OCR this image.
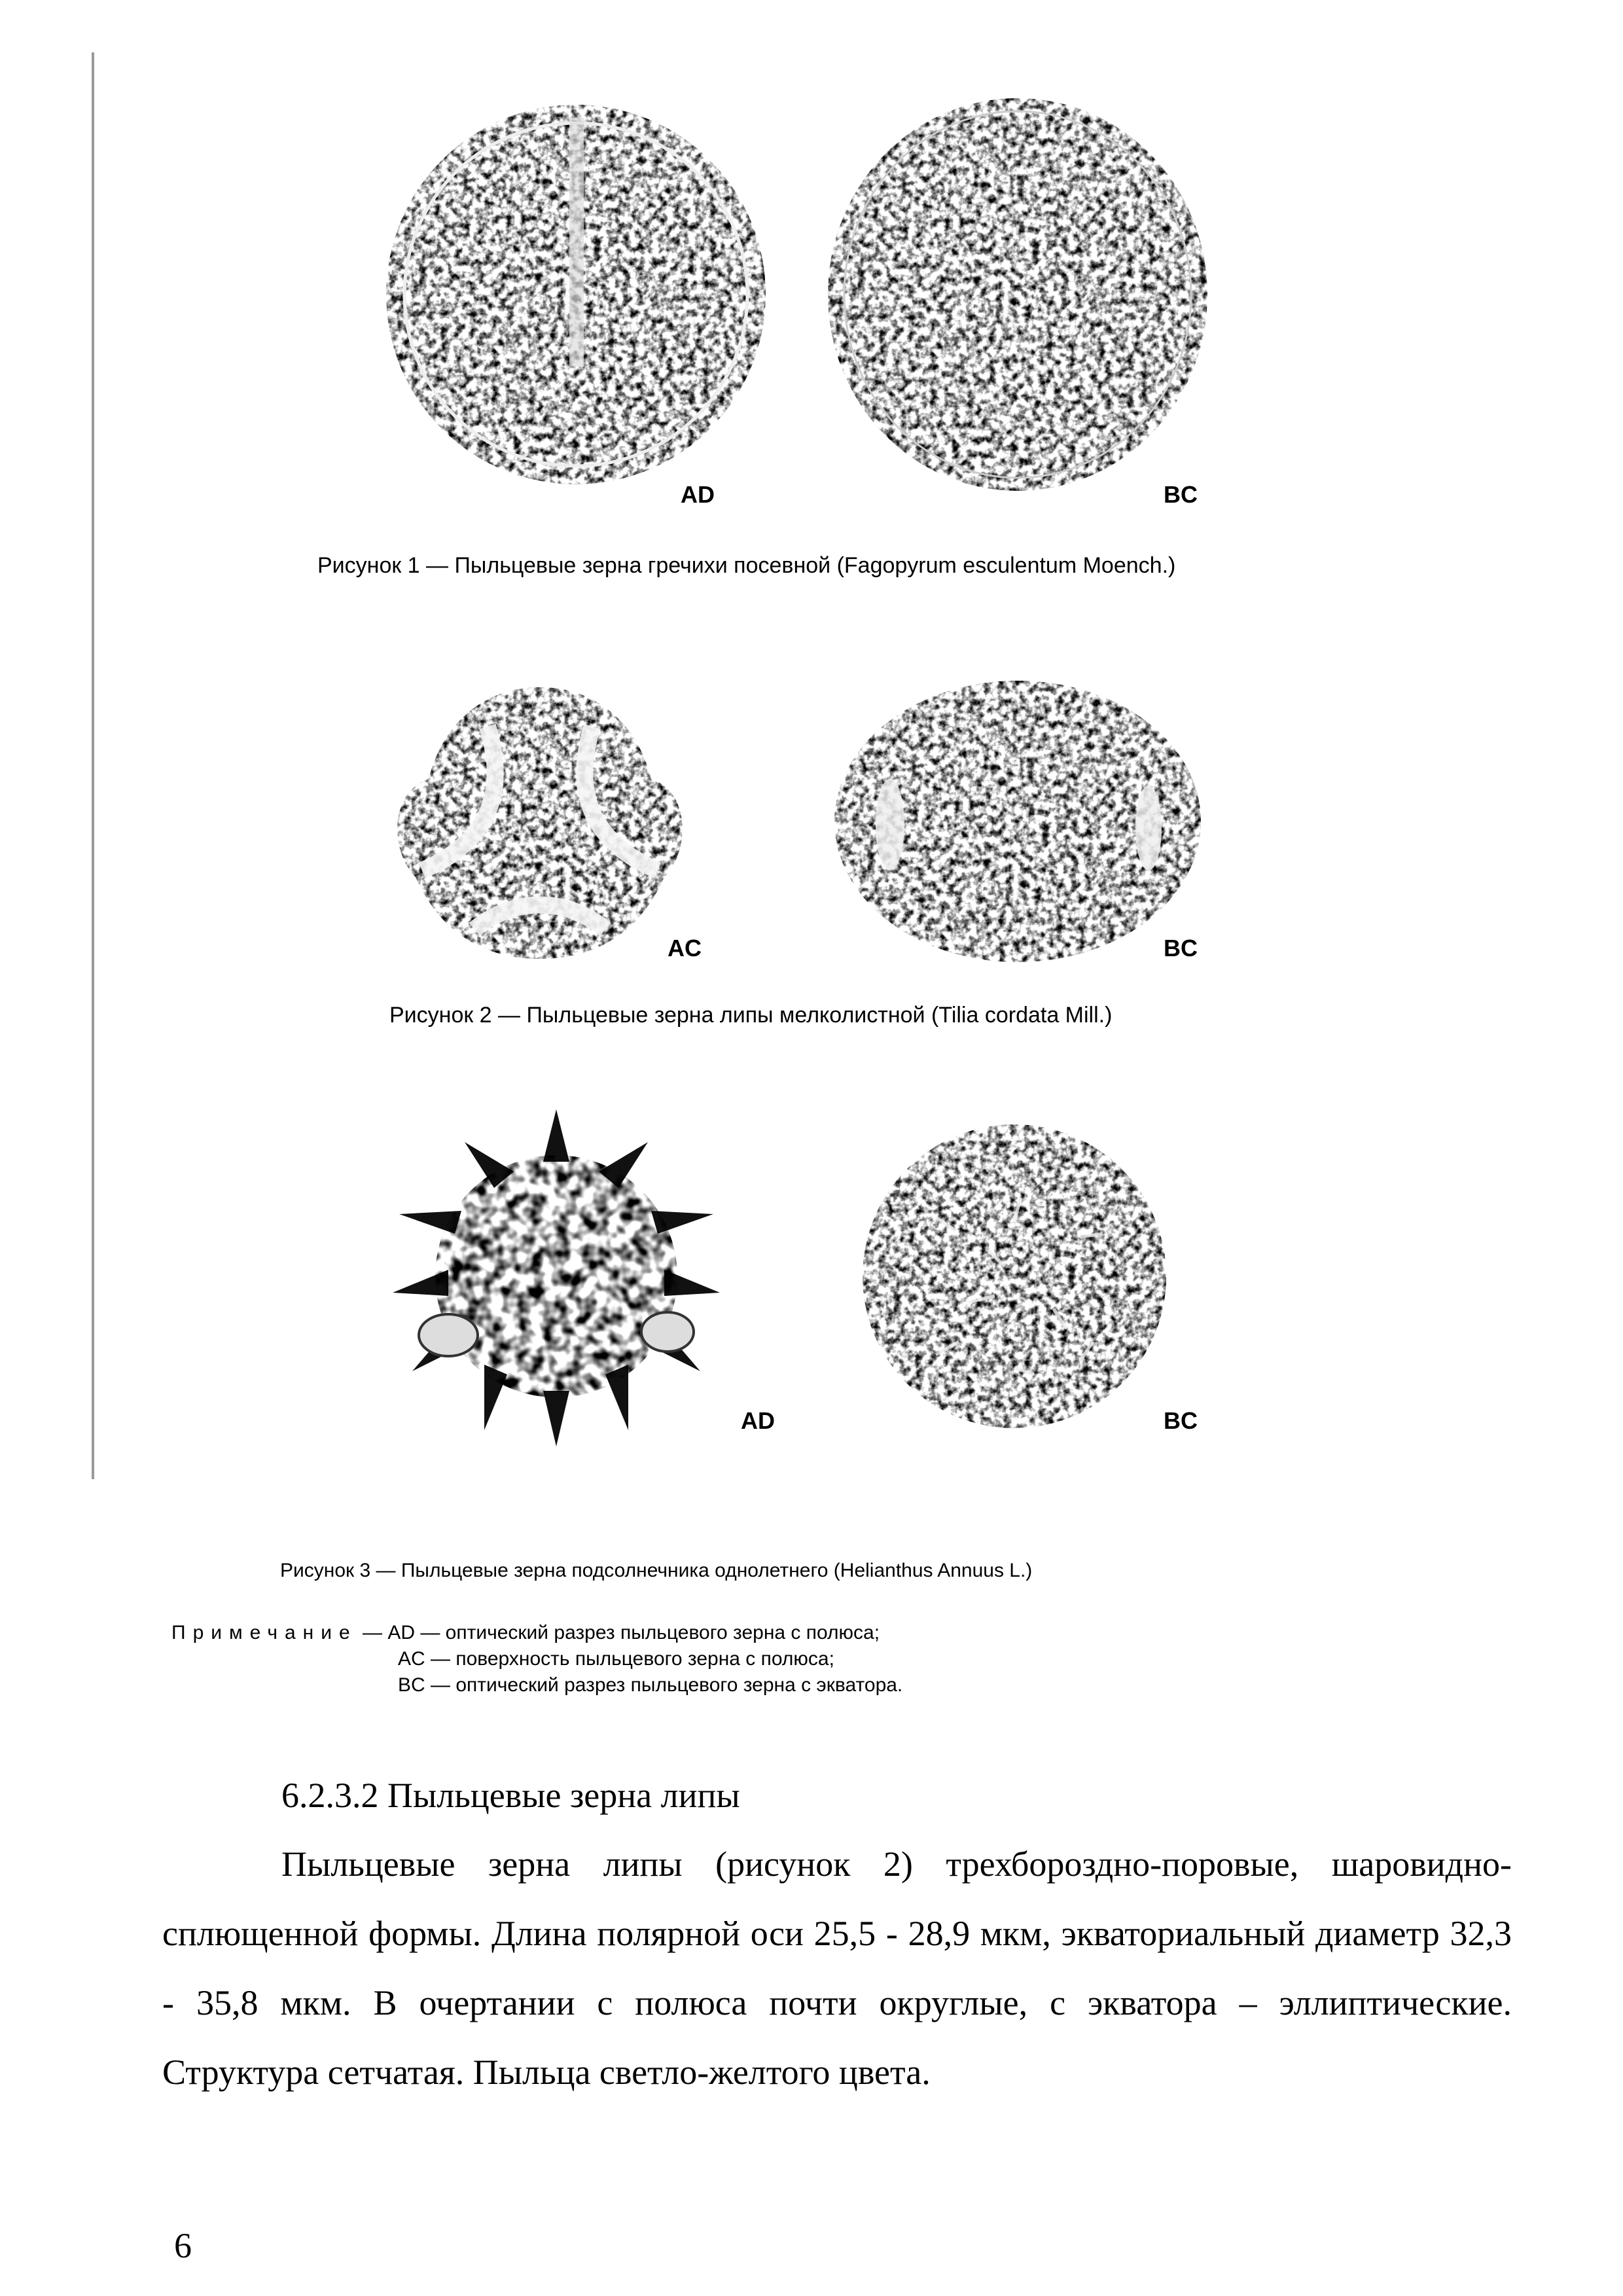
AD	BC
Рисунок 1 — Пыльцевые зерна гречихи посевной (Fagopyrum esculentum Moench.)
AC	BC
Рисунок 2 — Пыльцевые зерна липы мелколистной (Tilia cordata Mill.)
AD	BC
Рисунок 3 — Пыльцевые зерна подсолнечника однолетнего (Helianthus Annuus L.)
Примечание — AD — оптический разрез пыльцевого зерна с полюса;
AC — поверхность пыльцевого зерна с полюса;
BC — оптический разрез пыльцевого зерна с экватора.
6.2.3.2 Пыльцевые зерна липы
Пыльцевые зерна липы (рисунок 2) трехбороздно-поровые, шаровидно-сплющенной формы. Длина полярной оси 25,5 - 28,9 мкм, экваториальный диаметр 32,3 - 35,8 мкм. В очертании с полюса почти округлые, с экватора – эллиптические. Структура сетчатая. Пыльца светло-желтого цвета.
6
